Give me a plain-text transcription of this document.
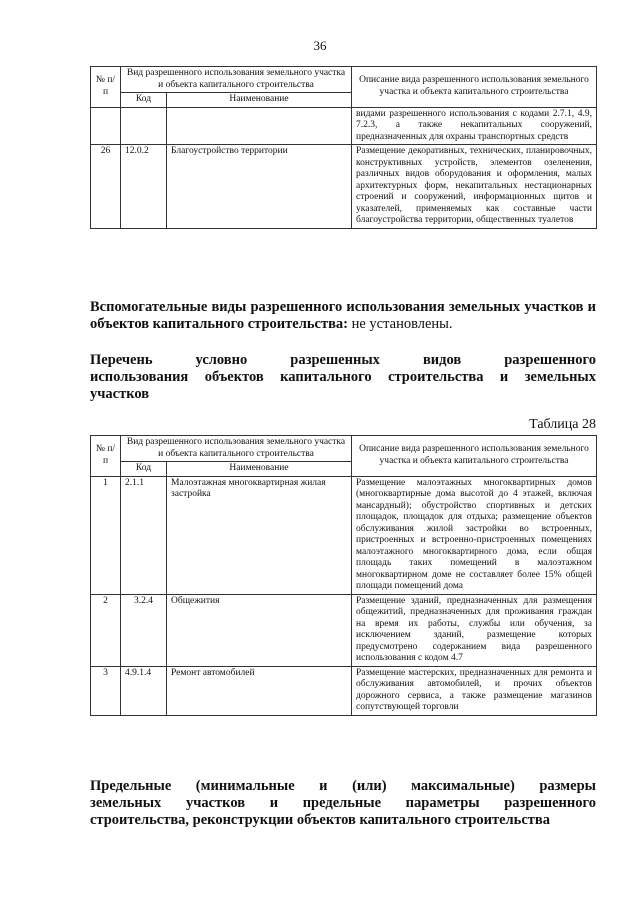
36
№ п/п	Вид разрешенного использования земельного участка и объекта капитального строительства		Описание вида разрешенного использования земельного участка и объекта капитального строительства
	Код	Наименование	
			видами разрешенного использования с кодами 2.7.1, 4.9, 7.2.3, а также некапитальных сооружений, предназначенных для охраны транспортных средств
26	12.0.2	Благоустройство территории	Размещение декоративных, технических, планировочных, конструктивных устройств, элементов озеленения, различных видов оборудования и оформления, малых архитектурных форм, некапитальных нестационарных строений и сооружений, информационных щитов и указателей, применяемых как составные части благоустройства территории, общественных туалетов
Вспомогательные виды разрешенного использования земельных участков и объектов капитального строительства: не установлены.
Перечень условно разрешенных видов разрешенного
использования объектов капитального строительства и земельных
участков
Таблица 28
№ п/п	Вид разрешенного использования земельного участка и объекта капитального строительства		Описание вида разрешенного использования земельного участка и объекта капитального строительства
	Код	Наименование	
1	2.1.1	Малоэтажная многоквартирная жилая застройка	Размещение малоэтажных многоквартирных домов (многоквартирные дома высотой до 4 этажей, включая мансардный); обустройство спортивных и детских площадок, площадок для отдыха; размещение объектов обслуживания жилой застройки во встроенных, пристроенных и встроенно-пристроенных помещениях малоэтажного многоквартирного дома, если общая площадь таких помещений в малоэтажном многоквартирном доме не составляет более 15% общей площади помещений дома
2	3.2.4	Общежития	Размещение зданий, предназначенных для размещения общежитий, предназначенных для проживания граждан на время их работы, службы или обучения, за исключением зданий, размещение которых предусмотрено содержанием вида разрешенного использования с кодом 4.7
3	4.9.1.4	Ремонт автомобилей	Размещение мастерских, предназначенных для ремонта и обслуживания автомобилей, и прочих объектов дорожного сервиса, а также размещение магазинов сопутствующей торговли
Предельные (минимальные и (или) максимальные) размеры
земельных участков и предельные параметры разрешенного
строительства, реконструкции объектов капитального строительства
